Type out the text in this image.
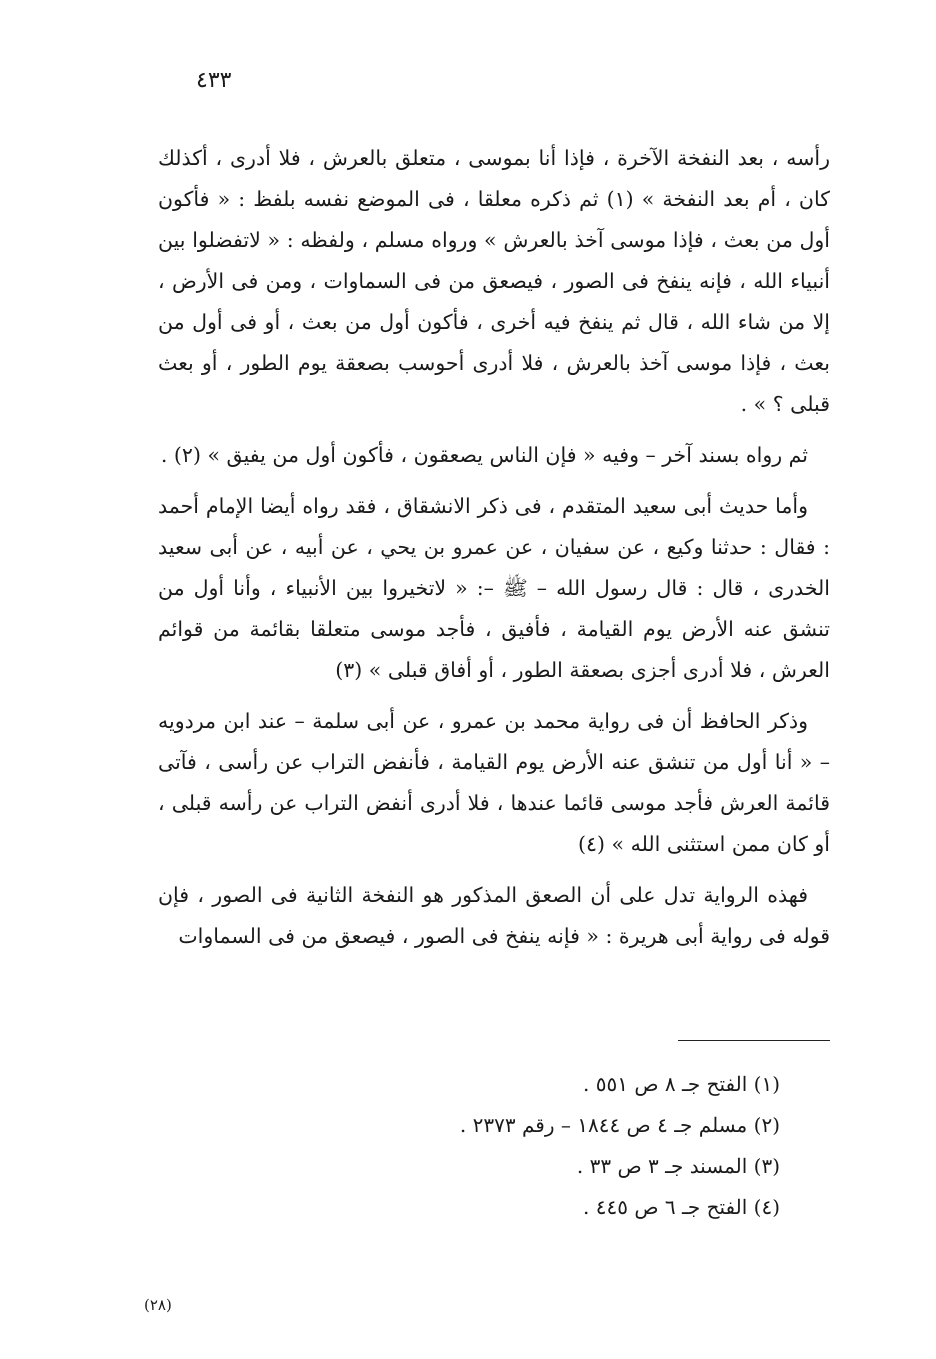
٤٣٣

رأسه ، بعد النفخة الآخرة ، فإذا أنا بموسى ، متعلق بالعرش ، فلا أدرى ، أكذلك كان ، أم بعد النفخة » (١) ثم ذكره معلقا ، فى الموضع نفسه بلفظ : « فأكون أول من بعث ، فإذا موسى آخذ بالعرش » ورواه مسلم ، ولفظه : « لاتفضلوا بين أنبياء الله ، فإنه ينفخ فى الصور ، فيصعق من فى السماوات ، ومن فى الأرض ، إلا من شاء الله ، قال ثم ينفخ فيه أخرى ، فأكون أول من بعث ، أو فى أول من بعث ، فإذا موسى آخذ بالعرش ، فلا أدرى أحوسب بصعقة يوم الطور ، أو بعث قبلى ؟ » .

ثم رواه بسند آخر – وفيه « فإن الناس يصعقون ، فأكون أول من يفيق » (٢) .

وأما حديث أبى سعيد المتقدم ، فى ذكر الانشقاق ، فقد رواه أيضا الإمام أحمد : فقال : حدثنا وكيع ، عن سفيان ، عن عمرو بن يحي ، عن أبيه ، عن أبى سعيد الخدرى ، قال : قال رسول الله – ﷺ –: « لاتخيروا بين الأنبياء ، وأنا أول من تنشق عنه الأرض يوم القيامة ، فأفيق ، فأجد موسى متعلقا بقائمة من قوائم العرش ، فلا أدرى أجزى بصعقة الطور ، أو أفاق قبلى » (٣)

وذكر الحافظ أن فى رواية محمد بن عمرو ، عن أبى سلمة – عند ابن مردويه – « أنا أول من تنشق عنه الأرض يوم القيامة ، فأنفض التراب عن رأسى ، فآتى قائمة العرش فأجد موسى قائما عندها ، فلا أدرى أنفض التراب عن رأسه قبلى ، أو كان ممن استثنى الله » (٤)

فهذه الرواية تدل على أن الصعق المذكور هو النفخة الثانية فى الصور ، فإن قوله فى رواية أبى هريرة : « فإنه ينفخ فى الصور ، فيصعق من فى السماوات

(١) الفتح جـ ٨ ص ٥٥١ .
(٢) مسلم جـ ٤ ص ١٨٤٤ – رقم ٢٣٧٣ .
(٣) المسند جـ ٣ ص ٣٣ .
(٤) الفتح جـ ٦ ص ٤٤٥ .
(٢٨)
